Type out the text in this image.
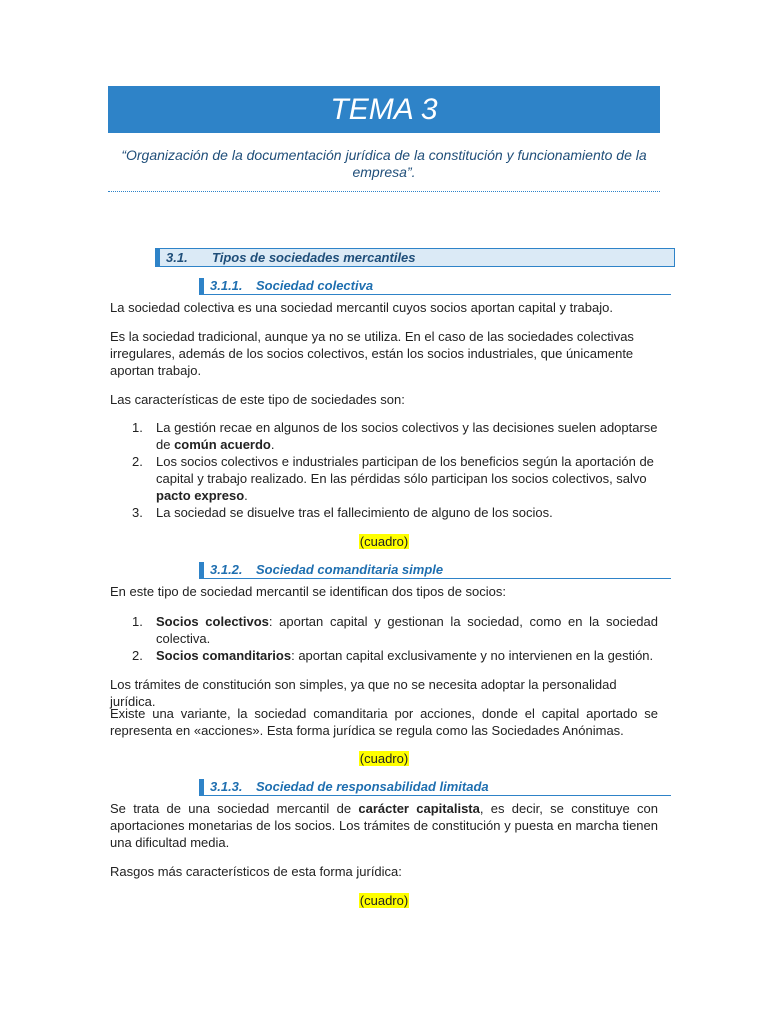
TEMA 3
“Organización de la documentación jurídica de la constitución y funcionamiento de la empresa”.
3.1. Tipos de sociedades mercantiles
3.1.1. Sociedad colectiva
La sociedad colectiva es una sociedad mercantil cuyos socios aportan capital y trabajo.
Es la sociedad tradicional, aunque ya no se utiliza. En el caso de las sociedades colectivas irregulares, además de los socios colectivos, están los socios industriales, que únicamente aportan trabajo.
Las características de este tipo de sociedades son:
1. La gestión recae en algunos de los socios colectivos y las decisiones suelen adoptarse de común acuerdo.
2. Los socios colectivos e industriales participan de los beneficios según la aportación de capital y trabajo realizado. En las pérdidas sólo participan los socios colectivos, salvo pacto expreso.
3. La sociedad se disuelve tras el fallecimiento de alguno de los socios.
(cuadro)
3.1.2. Sociedad comanditaria simple
En este tipo de sociedad mercantil se identifican dos tipos de socios:
1. Socios colectivos: aportan capital y gestionan la sociedad, como en la sociedad colectiva.
2. Socios comanditarios: aportan capital exclusivamente y no intervienen en la gestión.
Los trámites de constitución son simples, ya que no se necesita adoptar la personalidad jurídica.
Existe una variante, la sociedad comanditaria por acciones, donde el capital aportado se representa en «acciones». Esta forma jurídica se regula como las Sociedades Anónimas.
(cuadro)
3.1.3. Sociedad de responsabilidad limitada
Se trata de una sociedad mercantil de carácter capitalista, es decir, se constituye con aportaciones monetarias de los socios. Los trámites de constitución y puesta en marcha tienen una dificultad media.
Rasgos más característicos de esta forma jurídica:
(cuadro)
